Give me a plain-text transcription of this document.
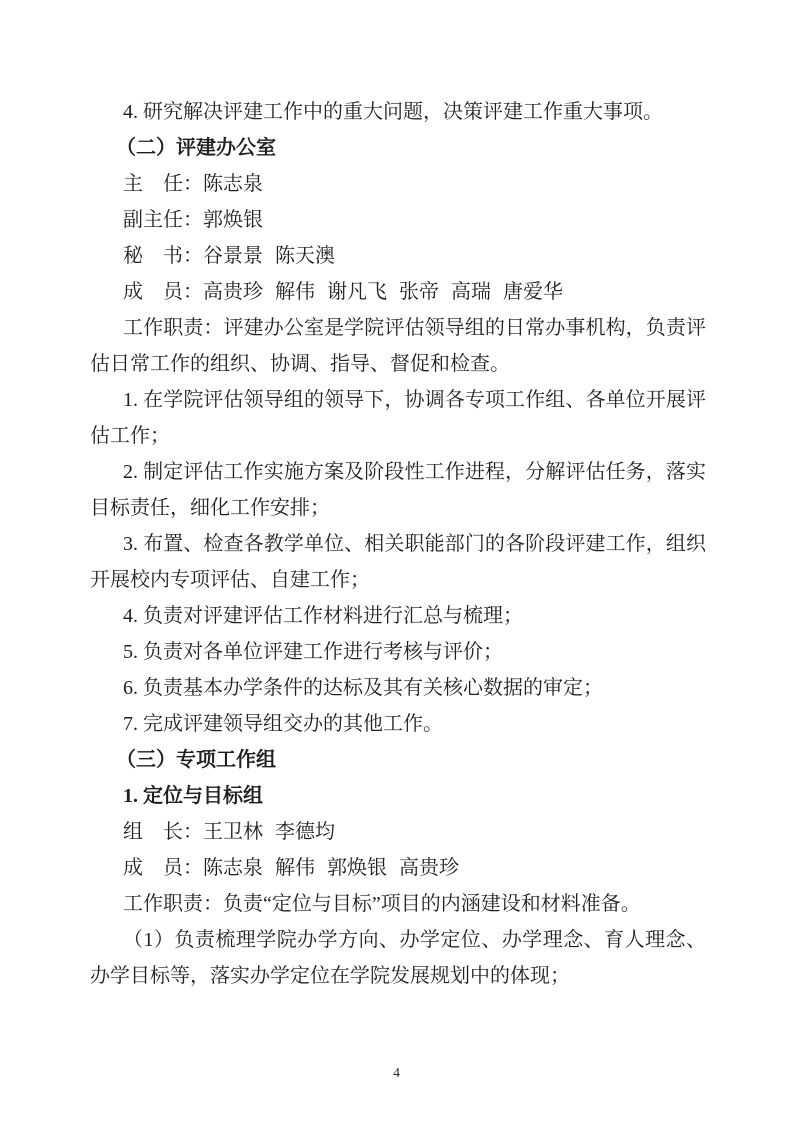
4. 研究解决评建工作中的重大问题，决策评建工作重大事项。

（二）评建办公室

主　任：陈志泉

副主任：郭焕银

秘　书：谷景景 陈天澳

成　员：高贵珍 解伟 谢凡飞 张帝 高瑞 唐爱华

工作职责：评建办公室是学院评估领导组的日常办事机构，负责评估日常工作的组织、协调、指导、督促和检查。

1. 在学院评估领导组的领导下，协调各专项工作组、各单位开展评估工作；

2. 制定评估工作实施方案及阶段性工作进程，分解评估任务，落实目标责任，细化工作安排；

3. 布置、检查各教学单位、相关职能部门的各阶段评建工作，组织开展校内专项评估、自建工作；

4. 负责对评建评估工作材料进行汇总与梳理；

5. 负责对各单位评建工作进行考核与评价；

6. 负责基本办学条件的达标及其有关核心数据的审定；

7. 完成评建领导组交办的其他工作。

（三）专项工作组

1. 定位与目标组

组　长：王卫林 李德均

成　员：陈志泉 解伟 郭焕银 高贵珍

工作职责：负责“定位与目标”项目的内涵建设和材料准备。

（1）负责梳理学院办学方向、办学定位、办学理念、育人理念、办学目标等，落实办学定位在学院发展规划中的体现；

4
